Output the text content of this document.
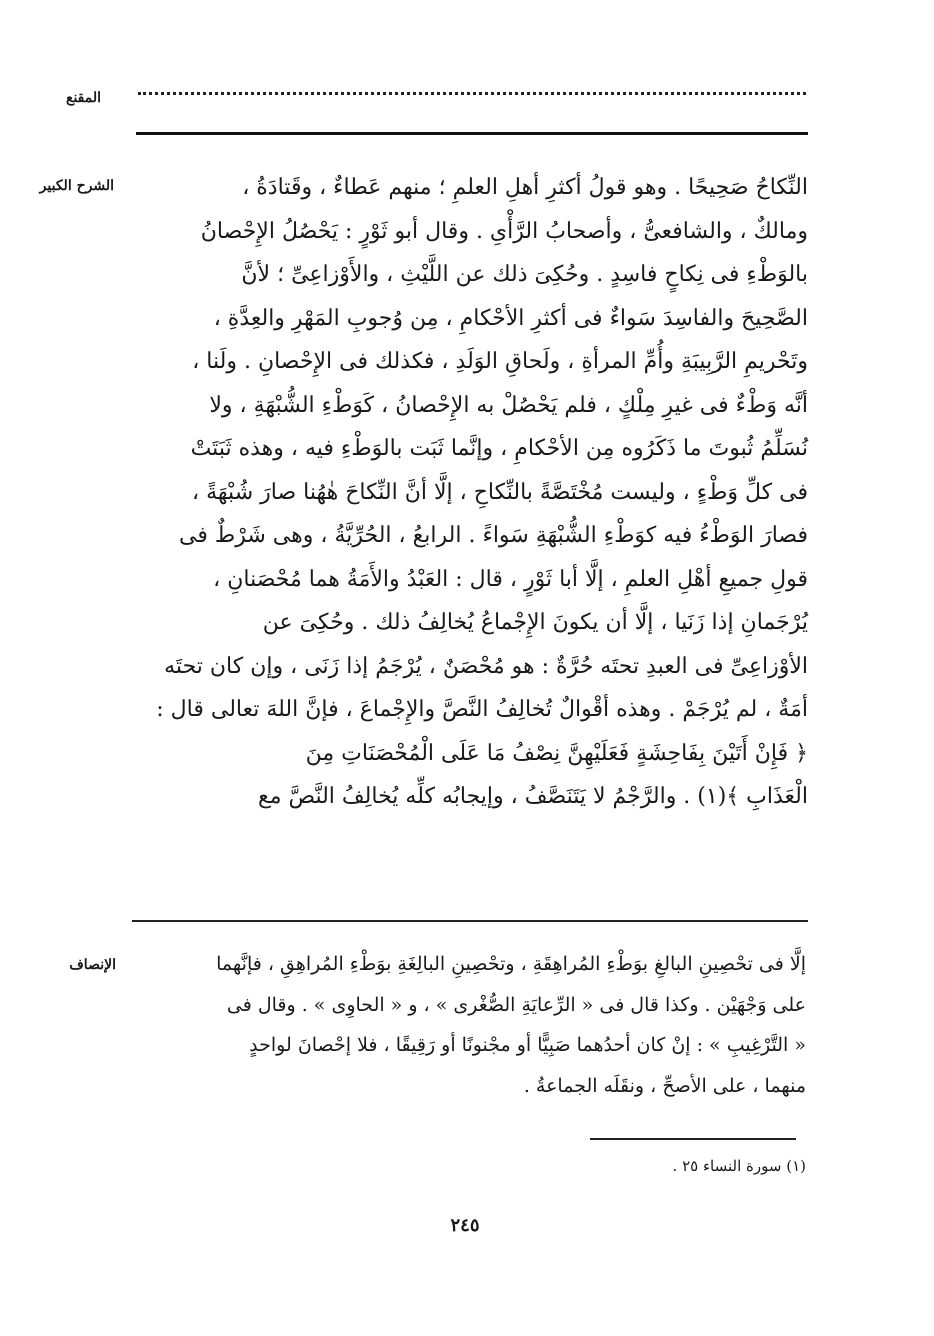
المقنع
الشرح الكبير	النِّكاحُ صَحِيحًا . وهو قولُ أكثرِ أهلِ العلمِ ؛ منهم عَطاءٌ ، وقَتادَةُ ،

ومالكٌ ، والشافعىُّ ، وأصحابُ الرَّأْىِ . وقال أبو ثَوْرٍ : يَحْصُلُ الإِحْصانُ

بالوَطْءِ فى نِكاحٍ فاسِدٍ . وحُكِىَ ذلك عن اللَّيْثِ ، والأَوْزاعِىِّ ؛ لأنَّ

الصَّحِيحَ والفاسِدَ سَواءٌ فى أكثرِ الأحْكامِ ، مِن وُجوبِ المَهْرِ والعِدَّةِ ،

وتَحْريمِ الرَّبِيبَةِ وأُمِّ المرأةِ ، ولَحاقِ الوَلَدِ ، فكذلك فى الإِحْصانِ . ولَنا ،

أنَّه وَطْءٌ فى غيرِ مِلْكٍ ، فلم يَحْصُلْ به الإِحْصانُ ، كَوَطْءِ الشُّبْهَةِ ، ولا

نُسَلِّمُ ثُبوتَ ما ذَكَرُوه مِن الأحْكامِ ، وإنَّما ثَبَت بالوَطْءِ فيه ، وهذه ثَبَتَتْ

فى كلِّ وَطْءٍ ، وليست مُخْتَصَّةً بالنِّكاحِ ، إلَّا أنَّ النِّكاحَ هٰهُنا صارَ شُبْهَةً ،

فصارَ الوَطْءُ فيه كوَطْءِ الشُّبْهَةِ سَواءً . الرابعُ ، الحُرِّيَّةُ ، وهى شَرْطٌ فى

قولِ جميعِ أهْلِ العلمِ ، إلَّا أبا ثَوْرٍ ، قال : العَبْدُ والأَمَةُ هما مُحْصَنانِ ،

يُرْجَمانِ إذا زَنَيا ، إلَّا أن يكونَ الإِجْماعُ يُخالِفُ ذلك . وحُكِىَ عن

الأوْزاعِىِّ فى العبدِ تحتَه حُرَّةٌ : هو مُحْصَنٌ ، يُرْجَمُ إذا زَنَى ، وإن كان تحتَه

أمَةٌ ، لم يُرْجَمْ . وهذه أقْوالٌ تُخالِفُ النَّصَّ والإِجْماعَ ، فإنَّ اللهَ تعالى قال :

﴿ فَإِنْ أَتَيْنَ بِفَاحِشَةٍ فَعَلَيْهِنَّ نِصْفُ مَا عَلَى الْمُحْصَنَاتِ مِنَ

الْعَذَابِ ﴾(١) . والرَّجْمُ لا يَتَنَصَّفُ ، وإيجابُه كلِّه يُخالِفُ النَّصَّ مع

الإنصاف	إلَّا فى تحْصِينِ البالغِ بوَطْءِ المُراهِقَةِ ، وتحْصِينِ البالِغَةِ بوَطْءِ المُراهِقِ ، فإنَّهما

على وَجْهَيْن . وكذا قال فى « الرِّعايَةِ الصُّغْرى » ، و « الحاوِى » . وقال فى

« التَّرْغِيبِ » : إنْ كان أحدُهما صَبِيًّا أو مجْنونًا أو رَقِيقًا ، فلا إحْصانَ لواحدٍ

منهما ، على الأصحِّ ، ونقَلَه الجماعةُ .

(١) سورة النساء ٢٥ .
٢٤٥
